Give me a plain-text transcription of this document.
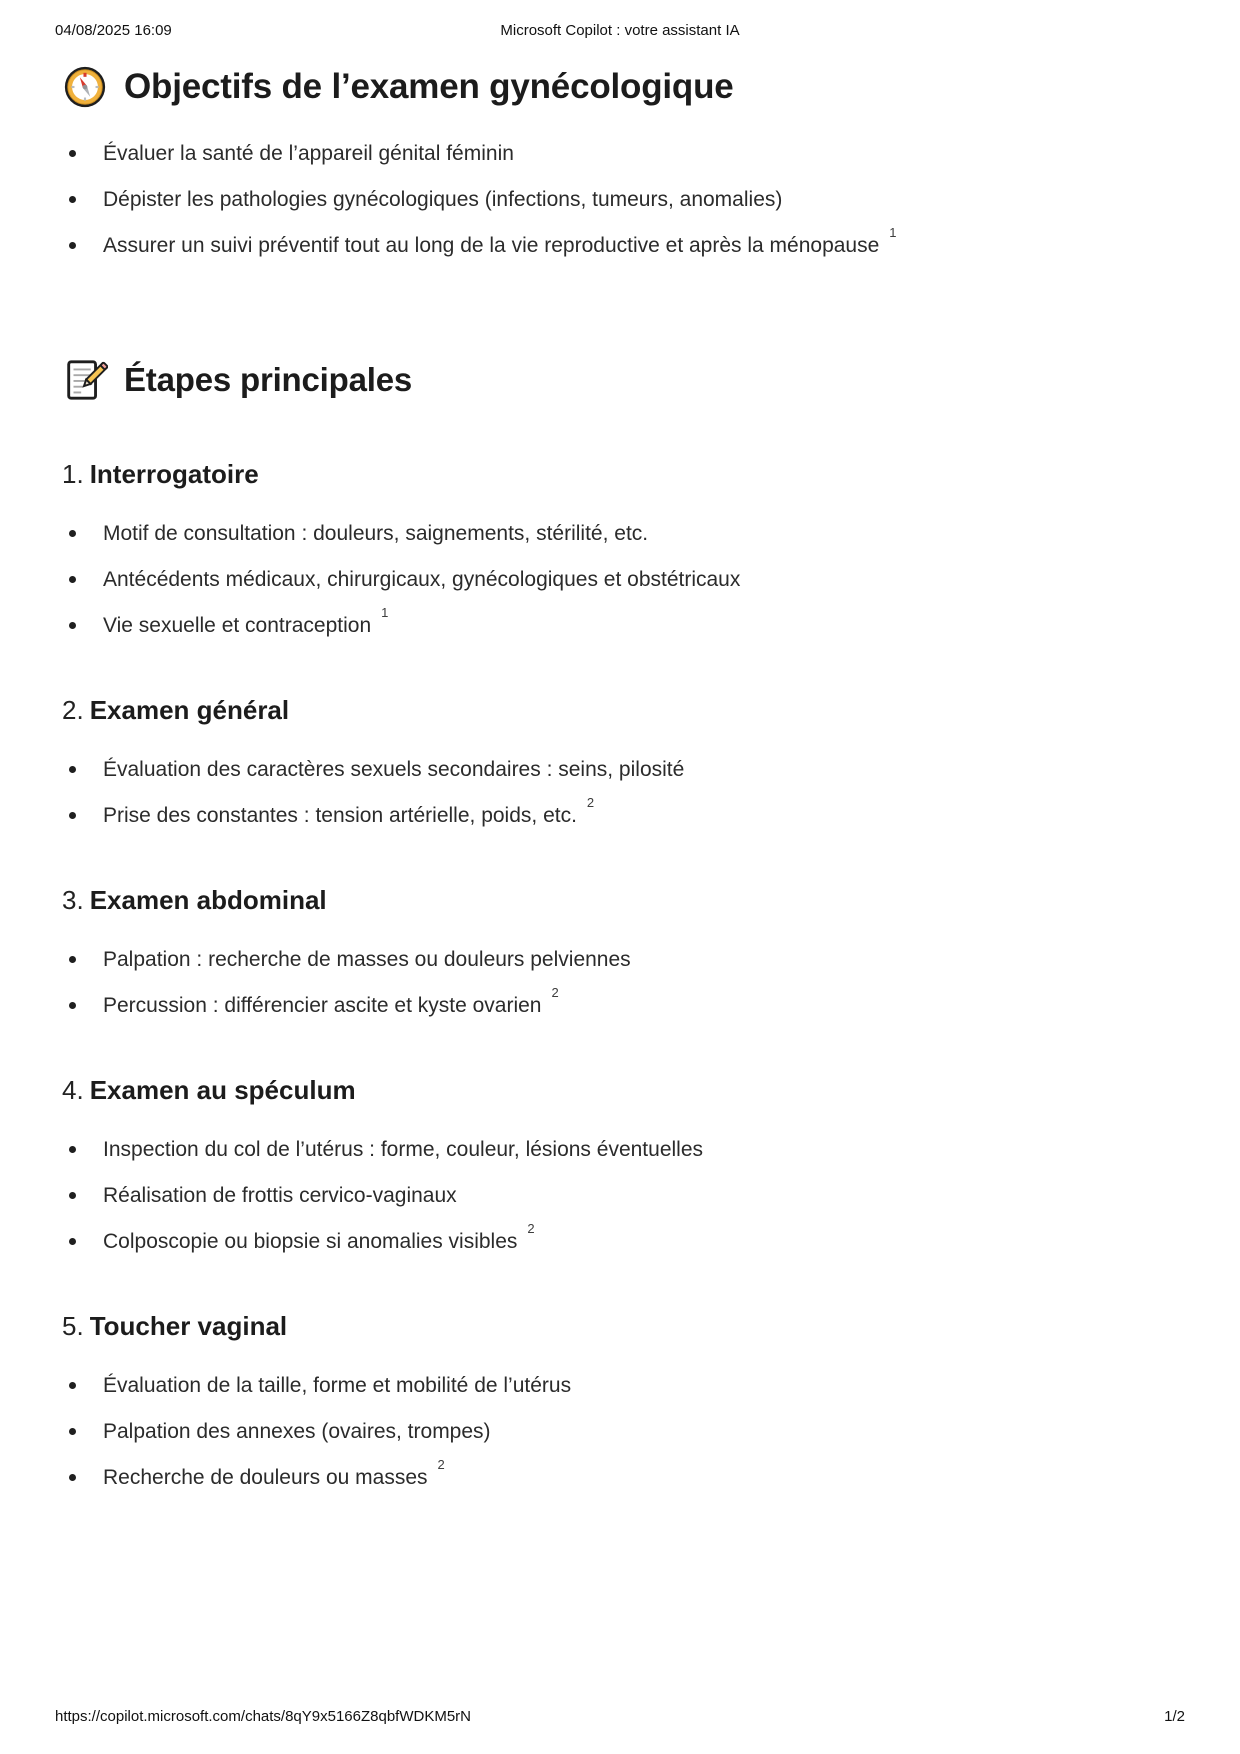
04/08/2025 16:09	Microsoft Copilot : votre assistant IA
Objectifs de l’examen gynécologique
Évaluer la santé de l’appareil génital féminin
Dépister les pathologies gynécologiques (infections, tumeurs, anomalies)
Assurer un suivi préventif tout au long de la vie reproductive et après la ménopause$^1$
Étapes principales
1. Interrogatoire
Motif de consultation : douleurs, saignements, stérilité, etc.
Antécédents médicaux, chirurgicaux, gynécologiques et obstétricaux
Vie sexuelle et contraception$^1$
2. Examen général
Évaluation des caractères sexuels secondaires : seins, pilosité
Prise des constantes : tension artérielle, poids, etc.$^2$
3. Examen abdominal
Palpation : recherche de masses ou douleurs pelviennes
Percussion : différencier ascite et kyste ovarien$^2$
4. Examen au spéculum
Inspection du col de l’utérus : forme, couleur, lésions éventuelles
Réalisation de frottis cervico-vaginaux
Colposcopie ou biopsie si anomalies visibles$^2$
5. Toucher vaginal
Évaluation de la taille, forme et mobilité de l’utérus
Palpation des annexes (ovaires, trompes)
Recherche de douleurs ou masses$^2$
https://copilot.microsoft.com/chats/8qY9x5166Z8qbfWDKM5rN	1/2
